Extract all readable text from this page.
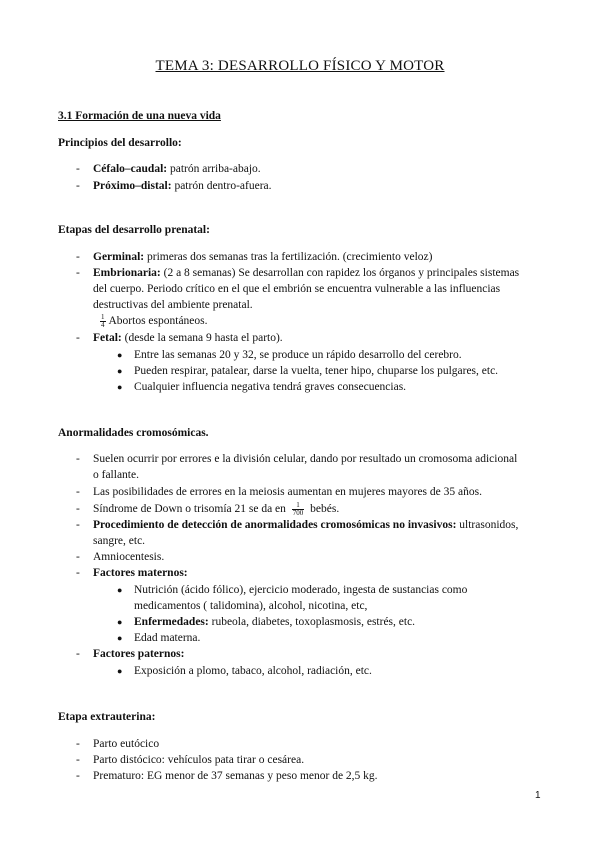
TEMA 3: DESARROLLO FÍSICO Y MOTOR
3.1 Formación de una nueva vida
Principios del desarrollo:
- Céfalo–caudal: patrón arriba-abajo.
- Próximo–distal: patrón dentro-afuera.
Etapas del desarrollo prenatal:
- Germinal: primeras dos semanas tras la fertilización. (crecimiento veloz)
- Embrionaria: (2 a 8 semanas) Se desarrollan con rapidez los órganos y principales sistemas
del cuerpo. Periodo crítico en el que el embrión se encuentra vulnerable a las influencias
destructivas del ambiente prenatal.
$\frac{1}{4}$ Abortos espontáneos.
- Fetal: (desde la semana 9 hasta el parto).
● Entre las semanas 20 y 32, se produce un rápido desarrollo del cerebro.
● Pueden respirar, patalear, darse la vuelta, tener hipo, chuparse los pulgares, etc.
● Cualquier influencia negativa tendrá graves consecuencias.
Anormalidades cromosómicas.
- Suelen ocurrir por errores e la división celular, dando por resultado un cromosoma adicional
o fallante.
- Las posibilidades de errores en la meiosis aumentan en mujeres mayores de 35 años.
- Síndrome de Down o trisomía 21 se da en $\frac{1}{700}$ bebés.
- Procedimiento de detección de anormalidades cromosómicas no invasivos: ultrasonidos,
sangre, etc.
- Amniocentesis.
- Factores maternos:
● Nutrición (ácido fólico), ejercicio moderado, ingesta de sustancias como
medicamentos ( talidomina), alcohol, nicotina, etc,
● Enfermedades: rubeola, diabetes, toxoplasmosis, estrés, etc.
● Edad materna.
- Factores paternos:
● Exposición a plomo, tabaco, alcohol, radiación, etc.
Etapa extrauterina:
- Parto eutócico
- Parto distócico: vehículos pata tirar o cesárea.
- Prematuro: EG menor de 37 semanas y peso menor de 2,5 kg.
1
